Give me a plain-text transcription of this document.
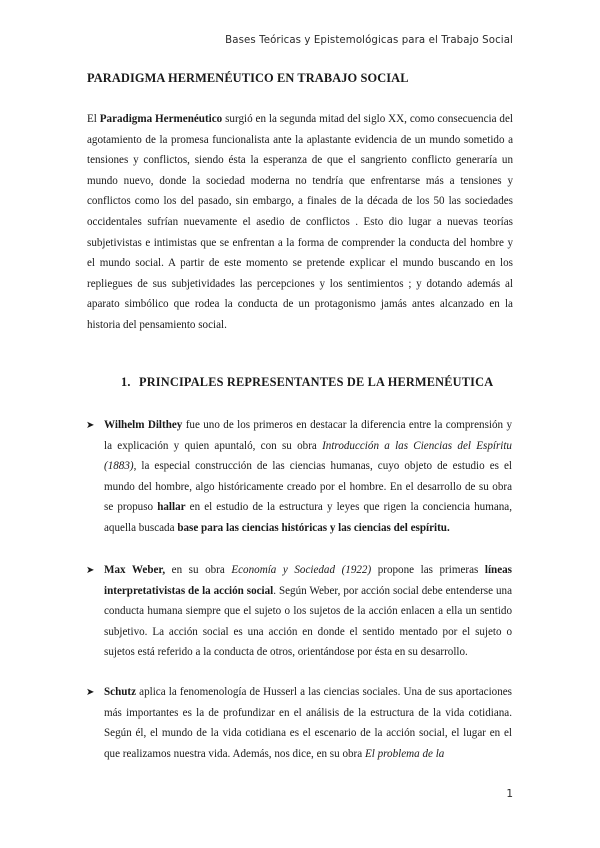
Bases Teóricas y Epistemológicas para el Trabajo Social
PARADIGMA HERMENÉUTICO EN TRABAJO SOCIAL

El Paradigma Hermenéutico surgió en la segunda mitad del siglo XX, como consecuencia del agotamiento de la promesa funcionalista ante la aplastante evidencia de un mundo sometido a tensiones y conflictos, siendo ésta la esperanza de que el sangriento conflicto generaría un mundo nuevo, donde la sociedad moderna no tendría que enfrentarse más a tensiones y conflictos como los del pasado, sin embargo, a finales de la década de los 50 las sociedades occidentales sufrían nuevamente el asedio de conflictos . Esto dio lugar a nuevas teorías subjetivistas e intimistas que se enfrentan a la forma de comprender la conducta del hombre y el mundo social. A partir de este momento se pretende explicar el mundo buscando en los repliegues de sus subjetividades las percepciones y los sentimientos ; y dotando además al aparato simbólico que rodea la conducta de un protagonismo jamás antes alcanzado en la historia del pensamiento social.

1. PRINCIPALES REPRESENTANTES DE LA HERMENÉUTICA
➤ Wilhelm Dilthey fue uno de los primeros en destacar la diferencia entre la comprensión y la explicación y quien apuntaló, con su obra Introducción a las Ciencias del Espíritu (1883), la especial construcción de las ciencias humanas, cuyo objeto de estudio es el mundo del hombre, algo históricamente creado por el hombre. En el desarrollo de su obra se propuso hallar en el estudio de la estructura y leyes que rigen la conciencia humana, aquella buscada base para las ciencias históricas y las ciencias del espíritu.

➤ Max Weber, en su obra Economía y Sociedad (1922) propone las primeras líneas interpretativistas de la acción social. Según Weber, por acción social debe entenderse una conducta humana siempre que el sujeto o los sujetos de la acción enlacen a ella un sentido subjetivo. La acción social es una acción en donde el sentido mentado por el sujeto o sujetos está referido a la conducta de otros, orientándose por ésta en su desarrollo.

➤ Schutz aplica la fenomenología de Husserl a las ciencias sociales. Una de sus aportaciones más importantes es la de profundizar en el análisis de la estructura de la vida cotidiana. Según él, el mundo de la vida cotidiana es el escenario de la acción social, el lugar en el que realizamos nuestra vida. Además, nos dice, en su obra El problema de la

1
